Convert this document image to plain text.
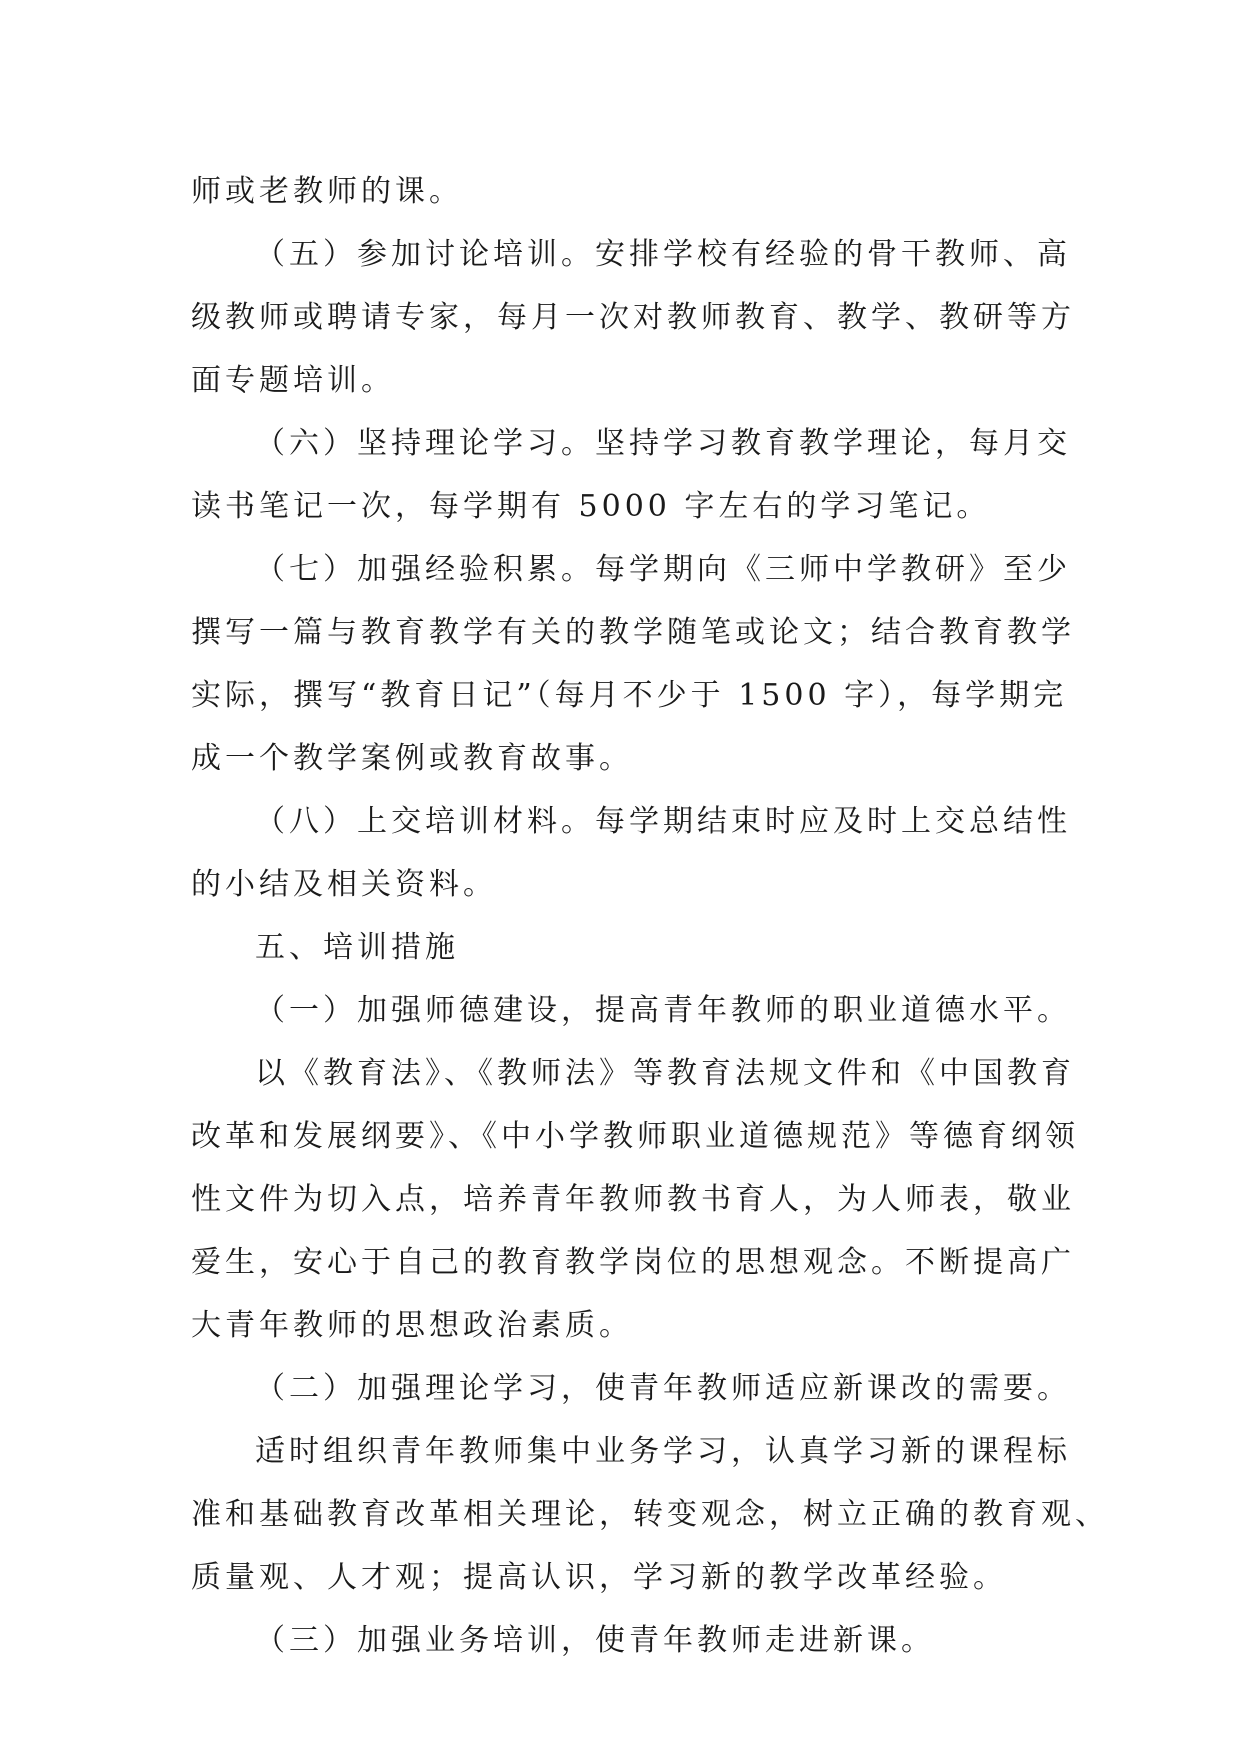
师或老教师的课。
（五）参加讨论培训。安排学校有经验的骨干教师、高
级教师或聘请专家，每月一次对教师教育、教学、教研等方
面专题培训。
（六）坚持理论学习。坚持学习教育教学理论，每月交
读书笔记一次，每学期有 5000 字左右的学习笔记。
（七）加强经验积累。每学期向《三师中学教研》至少
撰写一篇与教育教学有关的教学随笔或论文；结合教育教学
实际，撰写“教育日记”（每月不少于 1500 字），每学期完
成一个教学案例或教育故事。
（八）上交培训材料。每学期结束时应及时上交总结性
的小结及相关资料。
五、培训措施
（一）加强师德建设，提高青年教师的职业道德水平。
以《教育法》、《教师法》等教育法规文件和《中国教育
改革和发展纲要》、《中小学教师职业道德规范》等德育纲领
性文件为切入点，培养青年教师教书育人，为人师表，敬业
爱生，安心于自己的教育教学岗位的思想观念。不断提高广
大青年教师的思想政治素质。
（二）加强理论学习，使青年教师适应新课改的需要。
适时组织青年教师集中业务学习，认真学习新的课程标
准和基础教育改革相关理论，转变观念，树立正确的教育观、
质量观、人才观；提高认识，学习新的教学改革经验。
（三）加强业务培训，使青年教师走进新课。
